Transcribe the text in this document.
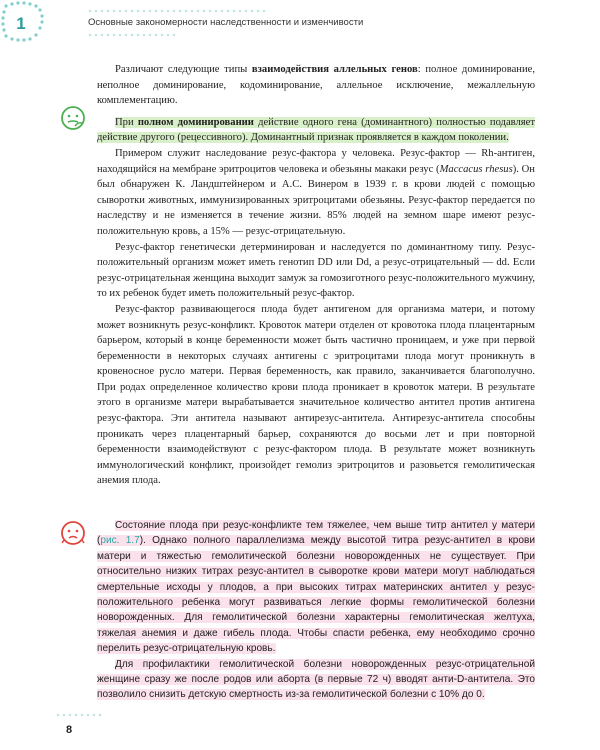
1	Основные закономерности наследственности и изменчивости

Различают следующие типы взаимодействия аллельных генов: полное доминирование, неполное доминирование, кодоминирование, аллельное исключение, межаллельную комплементацию.

При полном доминировании действие одного гена (доминантного) полностью подавляет действие другого (рецессивного). Доминантный признак проявляется в каждом поколении.

Примером служит наследование резус-фактора у человека. Резус-фактор — Rh-антиген, находящийся на мембране эритроцитов человека и обезьяны макаки резус (Maccacus rhesus). Он был обнаружен К. Ландштейнером и А.С. Винером в 1939 г. в крови людей с помощью сыворотки животных, иммунизированных эритроцитами обезьяны. Резус-фактор передается по наследству и не изменяется в течение жизни. 85% людей на земном шаре имеют резус-положительную кровь, а 15% — резус-отрицательную.

Резус-фактор генетически детерминирован и наследуется по доминантному типу. Резус-положительный организм может иметь генотип DD или Dd, а резус-отрицательный — dd. Если резус-отрицательная женщина выходит замуж за гомозиготного резус-положительного мужчину, то их ребенок будет иметь положительный резус-фактор.

Резус-фактор развивающегося плода будет антигеном для организма матери, и потому может возникнуть резус-конфликт. Кровоток матери отделен от кровотока плода плацентарным барьером, который в конце беременности может быть частично проницаем, и уже при первой беременности в некоторых случаях антигены с эритроцитами плода могут проникнуть в кровеносное русло матери. Первая беременность, как правило, заканчивается благополучно. При родах определенное количество крови плода проникает в кровоток матери. В результате этого в организме матери вырабатывается значительное количество антител против антигена резус-фактора. Эти антитела называют антирезус-антитела. Антирезус-антитела способны проникать через плацентарный барьер, сохраняются до восьми лет и при повторной беременности взаимодействуют с резус-фактором плода. В результате может возникнуть иммунологический конфликт, произойдет гемолиз эритроцитов и разовьется гемолитическая анемия плода.

Состояние плода при резус-конфликте тем тяжелее, чем выше титр антител у матери (рис. 1.7). Однако полного параллелизма между высотой титра резус-антител в крови матери и тяжестью гемолитической болезни новорожденных не существует. При относительно низких титрах резус-антител в сыворотке крови матери могут наблюдаться смертельные исходы у плодов, а при высоких титрах материнских антител у резус-положительного ребенка могут развиваться легкие формы гемолитической болезни новорожденных. Для гемолитической болезни характерны гемолитическая желтуха, тяжелая анемия и даже гибель плода. Чтобы спасти ребенка, ему необходимо срочно перелить резус-отрицательную кровь.

Для профилактики гемолитической болезни новорожденных резус-отрицательной женщине сразу же после родов или аборта (в первые 72 ч) вводят анти-D-антитела. Это позволило снизить детскую смертность из-за гемолитической болезни с 10% до 0.

8
